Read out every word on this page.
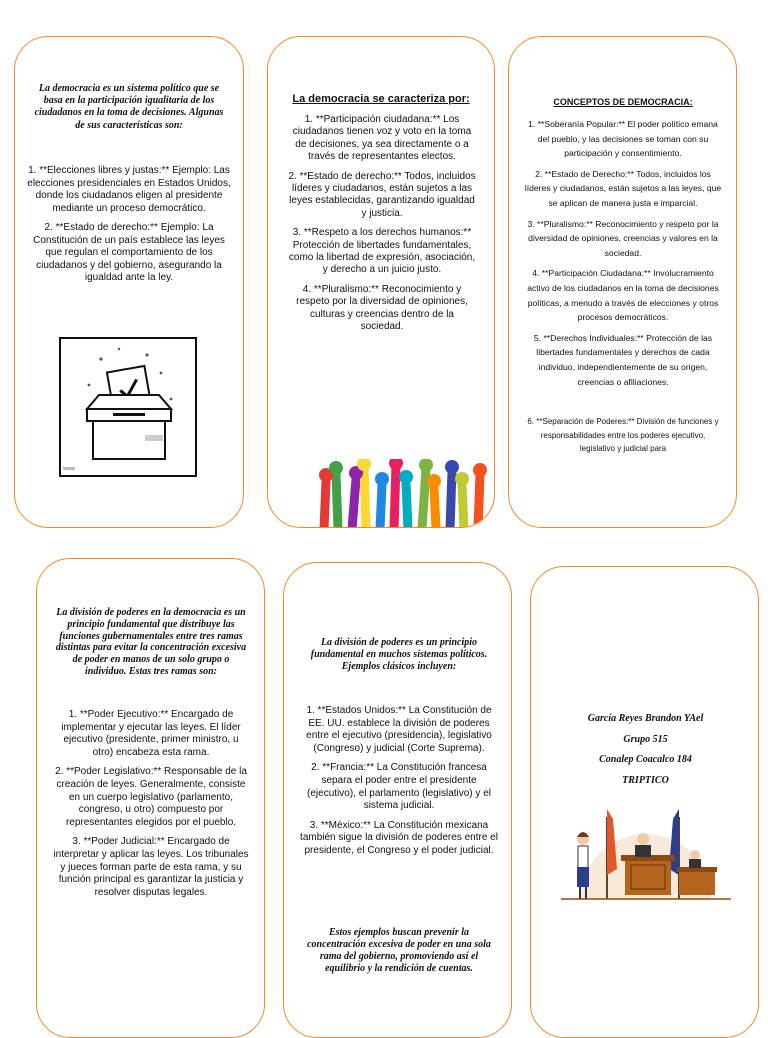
La democracia es un sistema político que se basa en la participación igualitaria de los ciudadanos en la toma de decisiones. Algunas de sus características son:

1. **Elecciones libres y justas:** Ejemplo: Las elecciones presidenciales en Estados Unidos, donde los ciudadanos eligen al presidente mediante un proceso democrático.

2. **Estado de derecho:** Ejemplo: La Constitución de un país establece las leyes que regulan el comportamiento de los ciudadanos y del gobierno, asegurando la igualdad ante la ley.

La democracia se caracteriza por:

1. **Participación ciudadana:** Los ciudadanos tienen voz y voto en la toma de decisiones, ya sea directamente o a través de representantes electos.

2. **Estado de derecho:** Todos, incluidos líderes y ciudadanos, están sujetos a las leyes establecidas, garantizando igualdad y justicia.

3. **Respeto a los derechos humanos:** Protección de libertades fundamentales, como la libertad de expresión, asociación, y derecho a un juicio justo.

4. **Pluralismo:** Reconocimiento y respeto por la diversidad de opiniones, culturas y creencias dentro de la sociedad.

CONCEPTOS DE DEMOCRACIA:

1. **Soberanía Popular:** El poder político emana del pueblo, y las decisiones se toman con su participación y consentimiento.

2. **Estado de Derecho:** Todos, incluidos los líderes y ciudadanos, están sujetos a las leyes, que se aplican de manera justa e imparcial.

3. **Pluralismo:** Reconocimiento y respeto por la diversidad de opiniones, creencias y valores en la sociedad.

4. **Participación Ciudadana:** Involucramiento activo de los ciudadanos en la toma de decisiones políticas, a menudo a través de elecciones y otros procesos democráticos.

5. **Derechos Individuales:** Protección de las libertades fundamentales y derechos de cada individuo, independientemente de su origen, creencias o afiliaciones.

6. **Separación de Poderes:** División de funciones y responsabilidades entre los poderes ejecutivo, legislativo y judicial para

La división de poderes en la democracia es un principio fundamental que distribuye las funciones gubernamentales entre tres ramas distintas para evitar la concentración excesiva de poder en manos de un solo grupo o individuo. Estas tres ramas son:

1. **Poder Ejecutivo:** Encargado de implementar y ejecutar las leyes. El líder ejecutivo (presidente, primer ministro, u otro) encabeza esta rama.

2. **Poder Legislativo:** Responsable de la creación de leyes. Generalmente, consiste en un cuerpo legislativo (parlamento, congreso, u otro) compuesto por representantes elegidos por el pueblo.

3. **Poder Judicial:** Encargado de interpretar y aplicar las leyes. Los tribunales y jueces forman parte de esta rama, y su función principal es garantizar la justicia y resolver disputas legales.

La división de poderes es un principio fundamental en muchos sistemas políticos. Ejemplos clásicos incluyen:

1. **Estados Unidos:** La Constitución de EE. UU. establece la división de poderes entre el ejecutivo (presidencia), legislativo (Congreso) y judicial (Corte Suprema).

2. **Francia:** La Constitución francesa separa el poder entre el presidente (ejecutivo), el parlamento (legislativo) y el sistema judicial.

3. **México:** La Constitución mexicana también sigue la división de poderes entre el presidente, el Congreso y el poder judicial.

Estos ejemplos buscan prevenir la concentración excesiva de poder en una sola rama del gobierno, promoviendo así el equilibrio y la rendición de cuentas.

García Reyes Brandon YAel
Grupo 515
Conalep Coacalco 184
TRIPTICO
